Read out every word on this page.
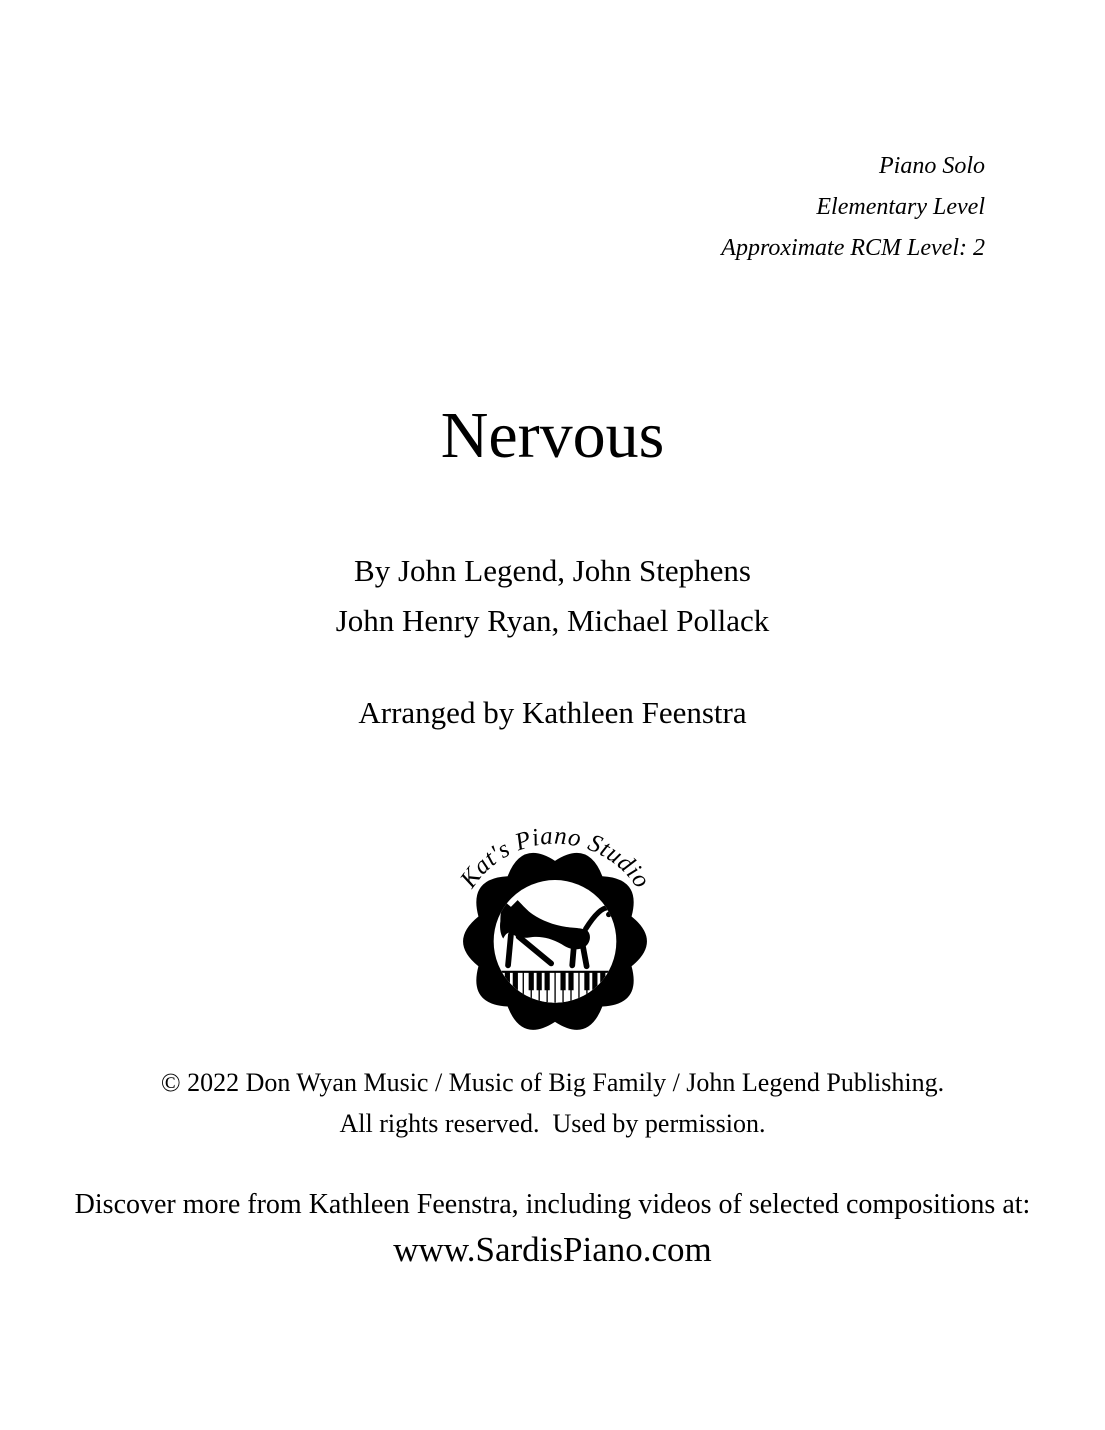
Piano Solo
Elementary Level
Approximate RCM Level: 2
Nervous
By John Legend, John Stephens
John Henry Ryan, Michael Pollack
Arranged by Kathleen Feenstra
Kat's Piano Studio
© 2022 Don Wyan Music / Music of Big Family / John Legend Publishing.
All rights reserved.  Used by permission.
Discover more from Kathleen Feenstra, including videos of selected compositions at:
www.SardisPiano.com
